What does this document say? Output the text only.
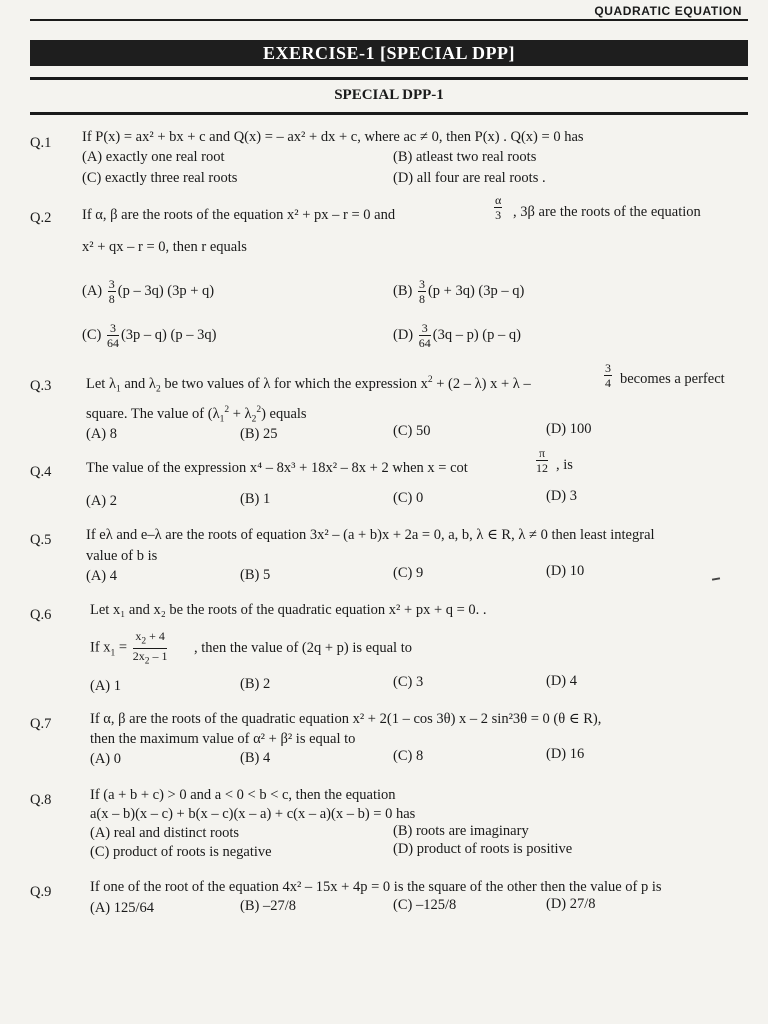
QUADRATIC EQUATION
EXERCISE-1 [SPECIAL DPP]
SPECIAL DPP-1
Q.1 If P(x) = ax² + bx + c and Q(x) = – ax² + dx + c, where ac ≠ 0, then P(x) . Q(x) = 0 has
(A) exactly one real root	(B) atleast two real roots
(C) exactly three real roots	(D) all four are real roots .
Q.2 If α, β are the roots of the equation x² + px – r = 0 and	$\frac{\alpha}{3}$ , 3β are the roots of the equation
x² + qx – r = 0, then r equals
$(A) \frac{3}{8} (p - 3q) (3p + q)$	$(B) \frac{3}{8} (p + 3q)$ (3p – q)
$(C) \frac{3}{64} (3p - q)$ (p – 3q)	$(D) \frac{3}{64} (3q - p)$ (p – q)
Q.3 Let $\lambda_1$ and $\lambda_2$ be two values of λ for which the expression $x^2 + (2 - \lambda) x + \lambda$ –	$\frac{3}{4}$ becomes a perfect
square. The value of $(\lambda_1^2 + \lambda_2^2)$ equals
(A) 8	(B) 25	(C) 50	(D) 100
Q.4 The value of the expression x⁴ – 8x³ + 18x² – 8x + 2 when x = cot	$\frac{\pi}{12}$ , is
(A) 2	(B) 1	(C) 0	(D) 3
Q.5 If eλ and e–λ are the roots of equation 3x² – (a + b)x + 2a = 0, a, b, λ ∈ R, λ ≠ 0 then least integral
value of b is
(A) 4	(B) 5	(C) 9	(D) 10
Q.6	Let x₁ and x₂ be the roots of the quadratic equation x² + px + q = 0. .
If $x_1 = \frac{x_2 + 4}{2x_2 - 1}$ , then the value of (2q + p) is equal to
(A) 1	(B) 2	(C) 3	(D) 4
Q.7	If α, β are the roots of the quadratic equation x² + 2(1 – cos 3θ) x – 2 sin²3θ = 0 (θ ∈ R),
then the maximum value of α² + β² is equal to
(A) 0	(B) 4	(C) 8	(D) 16
Q.8	If (a + b + c) > 0 and a < 0 < b < c, then the equation
a(x – b)(x – c) + b(x – c)(x – a) + c(x – a)(x – b) = 0 has
(A) real and distinct roots	(B) roots are imaginary
(C) product of roots is negative	(D) product of roots is positive
Q.9	If one of the root of the equation 4x² – 15x + 4p = 0 is the square of the other then the value of p is
(A) 125/64	(B) –27/8	(C) –125/8	(D) 27/8
